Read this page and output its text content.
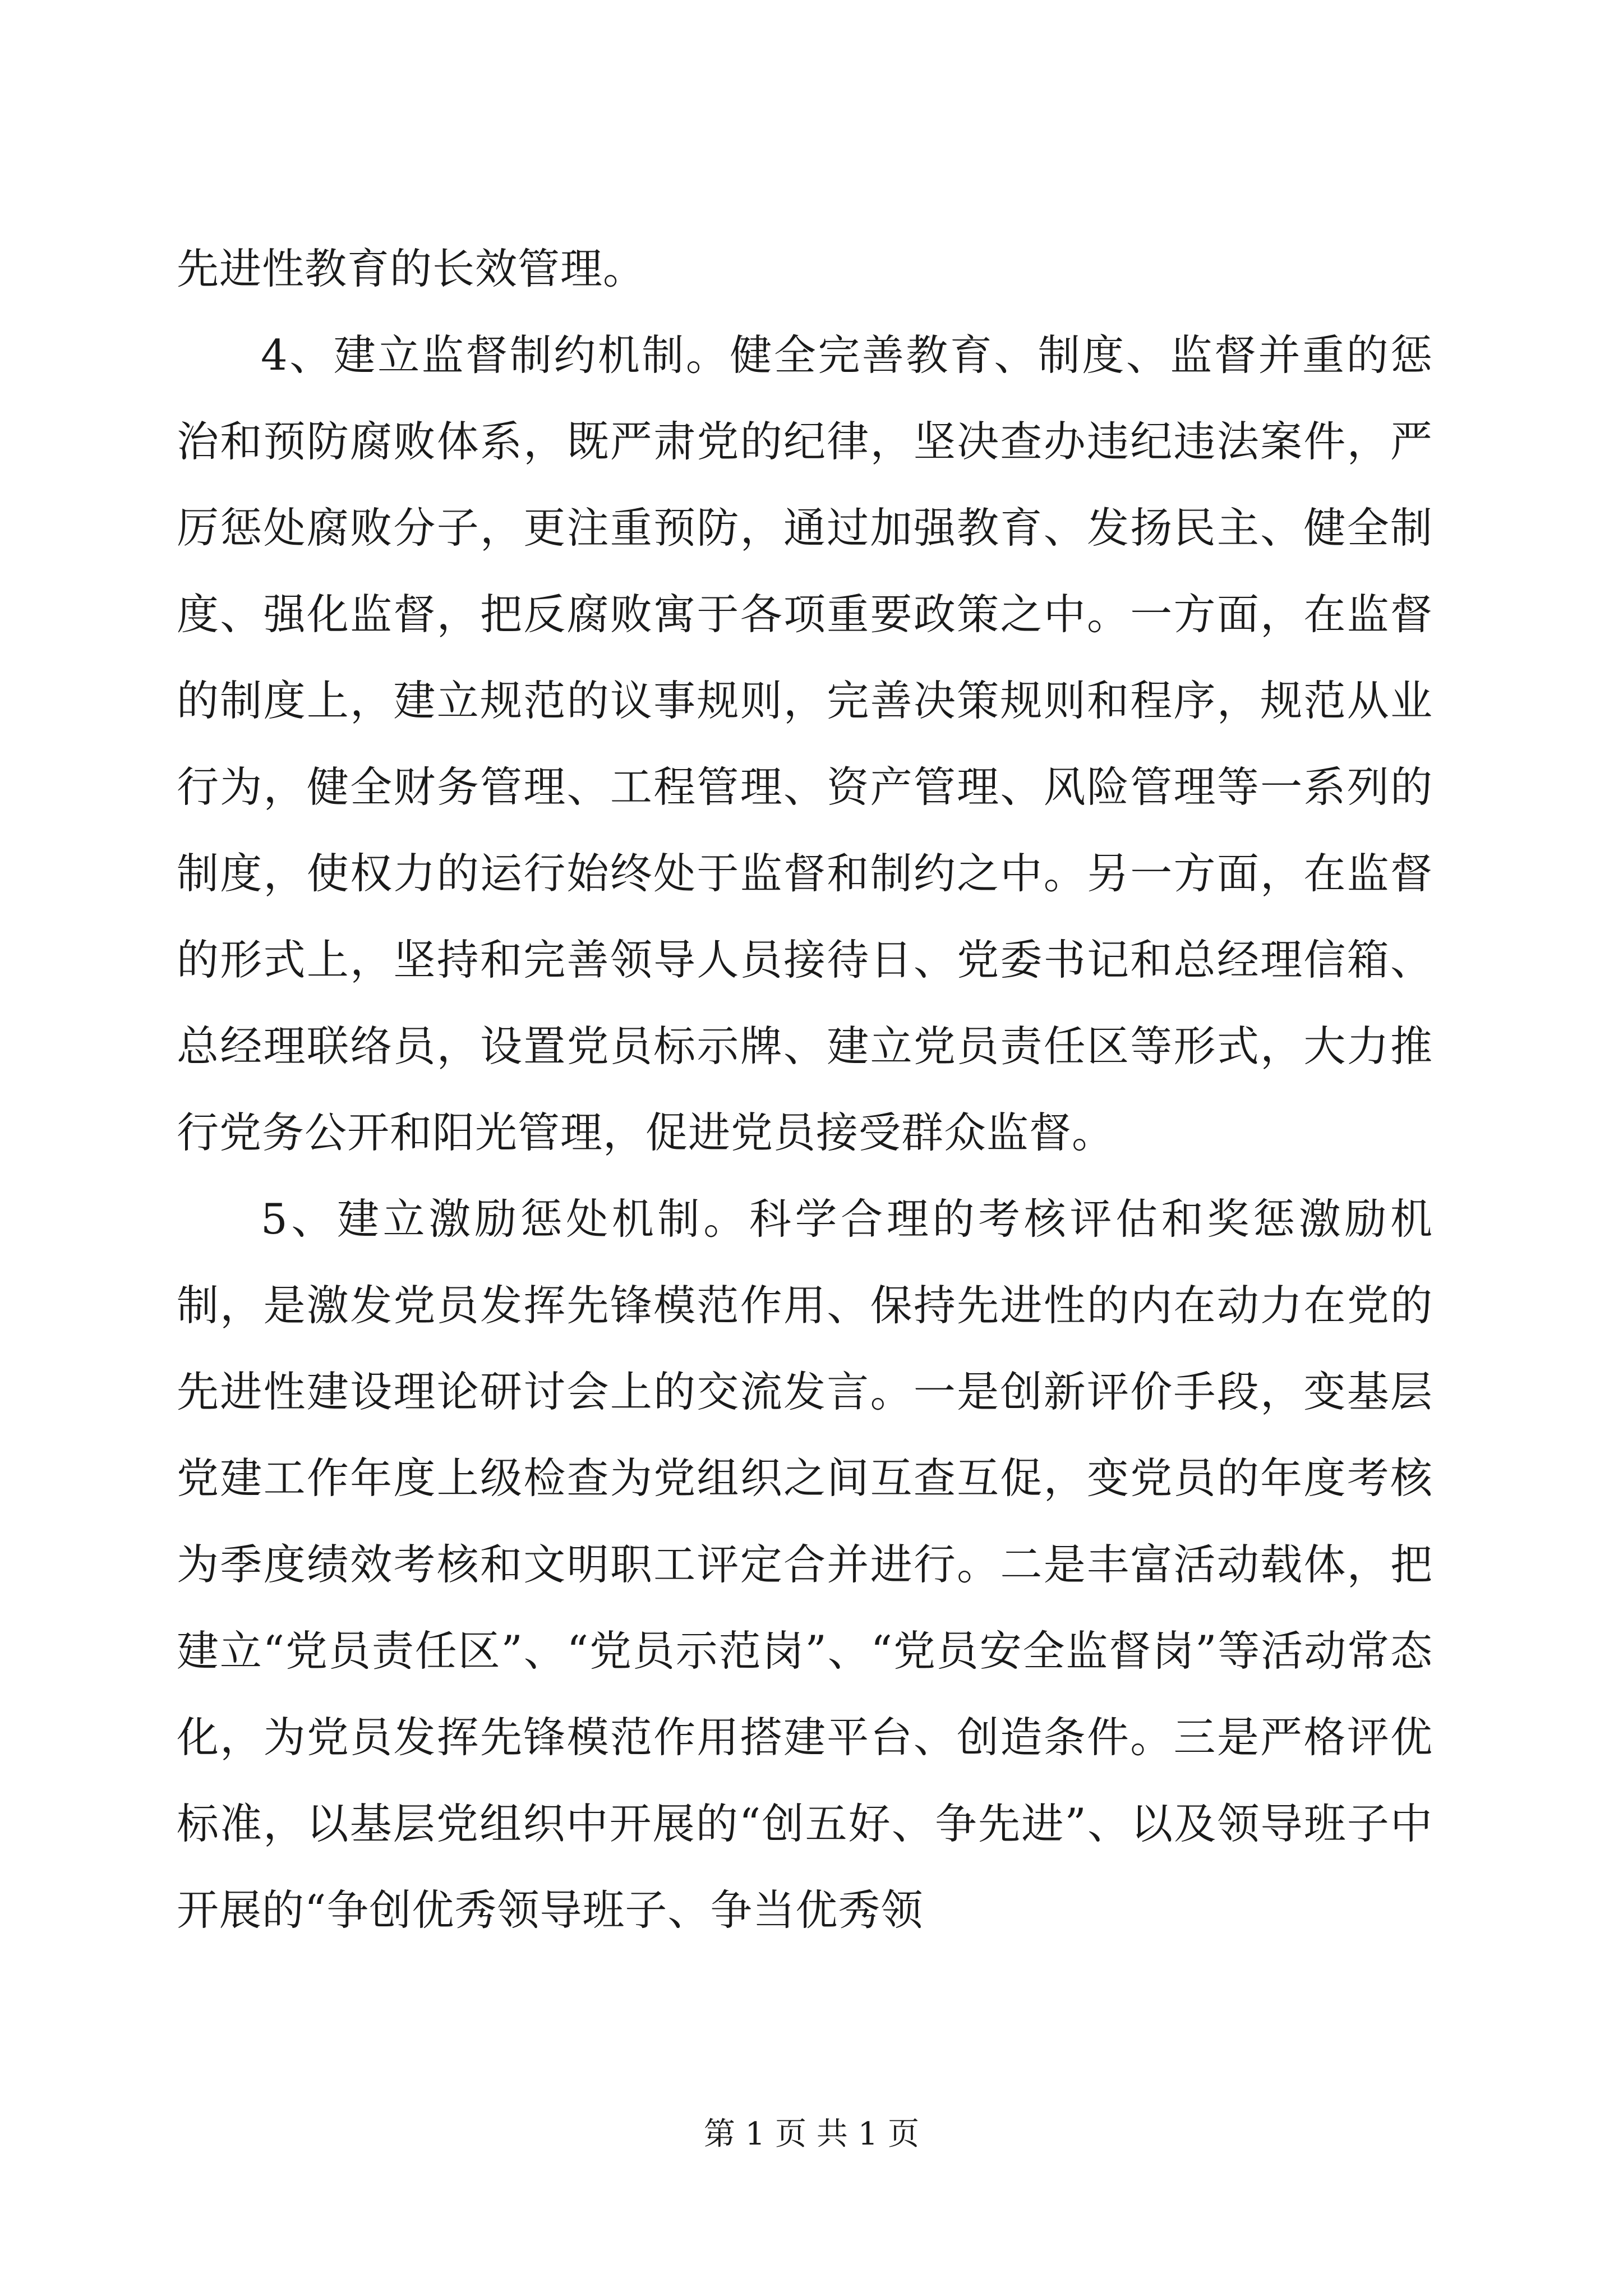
先进性教育的长效管理。

4、建立监督制约机制。健全完善教育、制度、监督并重的惩治和预防腐败体系，既严肃党的纪律，坚决查办违纪违法案件，严厉惩处腐败分子，更注重预防，通过加强教育、发扬民主、健全制度、强化监督，把反腐败寓于各项重要政策之中。一方面，在监督的制度上，建立规范的议事规则，完善决策规则和程序，规范从业行为，健全财务管理、工程管理、资产管理、风险管理等一系列的制度，使权力的运行始终处于监督和制约之中。另一方面，在监督的形式上，坚持和完善领导人员接待日、党委书记和总经理信箱、总经理联络员，设置党员标示牌、建立党员责任区等形式，大力推行党务公开和阳光管理，促进党员接受群众监督。

5、建立激励惩处机制。科学合理的考核评估和奖惩激励机制，是激发党员发挥先锋模范作用、保持先进性的内在动力在党的先进性建设理论研讨会上的交流发言。一是创新评价手段，变基层党建工作年度上级检查为党组织之间互查互促，变党员的年度考核为季度绩效考核和文明职工评定合并进行。二是丰富活动载体，把建立“党员责任区”、“党员示范岗”、“党员安全监督岗”等活动常态化，为党员发挥先锋模范作用搭建平台、创造条件。三是严格评优标准，以基层党组织中开展的“创五好、争先进”、以及领导班子中开展的“争创优秀领导班子、争当优秀领

第 1 页 共 1 页
